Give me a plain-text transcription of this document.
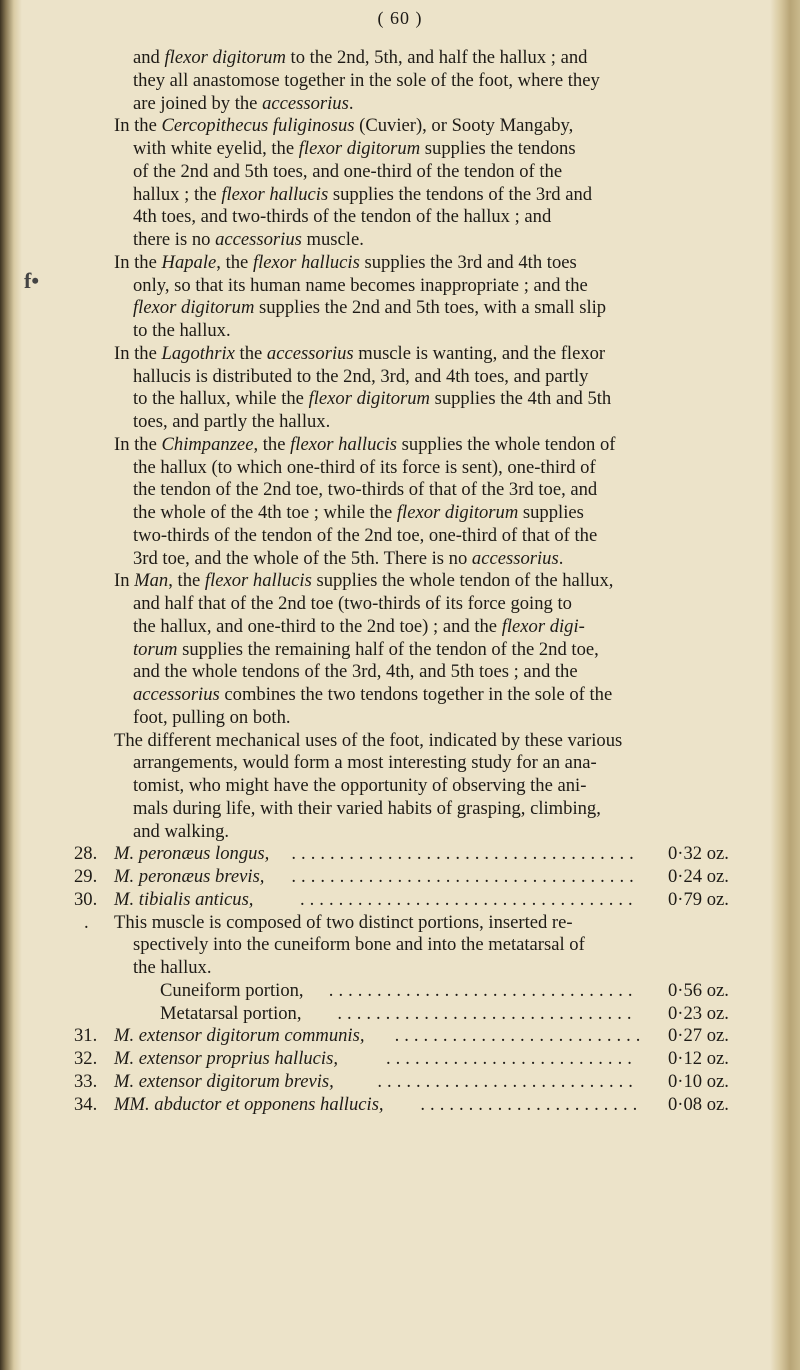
( 60 )
f•
and flexor digitorum to the 2nd, 5th, and half the hallux ; and
they all anastomose together in the sole of the foot, where they
are joined by the accessorius.
In the Cercopithecus fuliginosus (Cuvier), or Sooty Mangaby,
with white eyelid, the flexor digitorum supplies the tendons
of the 2nd and 5th toes, and one-third of the tendon of the
hallux ; the flexor hallucis supplies the tendons of the 3rd and
4th toes, and two-thirds of the tendon of the hallux ; and
there is no accessorius muscle.
In the Hapale, the flexor hallucis supplies the 3rd and 4th toes
only, so that its human name becomes inappropriate ; and the
flexor digitorum supplies the 2nd and 5th toes, with a small slip
to the hallux.
In the Lagothrix the accessorius muscle is wanting, and the flexor
hallucis is distributed to the 2nd, 3rd, and 4th toes, and partly
to the hallux, while the flexor digitorum supplies the 4th and 5th
toes, and partly the hallux.
In the Chimpanzee, the flexor hallucis supplies the whole tendon of
the hallux (to which one-third of its force is sent), one-third of
the tendon of the 2nd toe, two-thirds of that of the 3rd toe, and
the whole of the 4th toe ; while the flexor digitorum supplies
two-thirds of the tendon of the 2nd toe, one-third of that of the
3rd toe, and the whole of the 5th. There is no accessorius.
In Man, the flexor hallucis supplies the whole tendon of the hallux,
and half that of the 2nd toe (two-thirds of its force going to
the hallux, and one-third to the 2nd toe) ; and the flexor digi-
torum supplies the remaining half of the tendon of the 2nd toe,
and the whole tendons of the 3rd, 4th, and 5th toes ; and the
accessorius combines the two tendons together in the sole of the
foot, pulling on both.
The different mechanical uses of the foot, indicated by these various
arrangements, would form a most interesting study for an ana-
tomist, who might have the opportunity of observing the ani-
mals during life, with their varied habits of grasping, climbing,
and walking.
28. M. peronæus longus, .................................... 0·32 oz.
29. M. peronæus brevis, .................................... 0·24 oz.
30. M. tibialis anticus,	................................... 0·79 oz.
. This muscle is composed of two distinct portions, inserted re-
spectively into the cuneiform bone and into the metatarsal of
the hallux.
Cuneiform portion, ................................ 0·56 oz.
Metatarsal portion, ............................... 0·23 oz.
31. M. extensor digitorum communis, .......................... 0·27 oz.
32. M. extensor proprius hallucis,	.......................... 0·12 oz.
33. M. extensor digitorum brevis, ........................... 0·10 oz.
34. MM. abductor et opponens hallucis, ....................... 0·08 oz.
